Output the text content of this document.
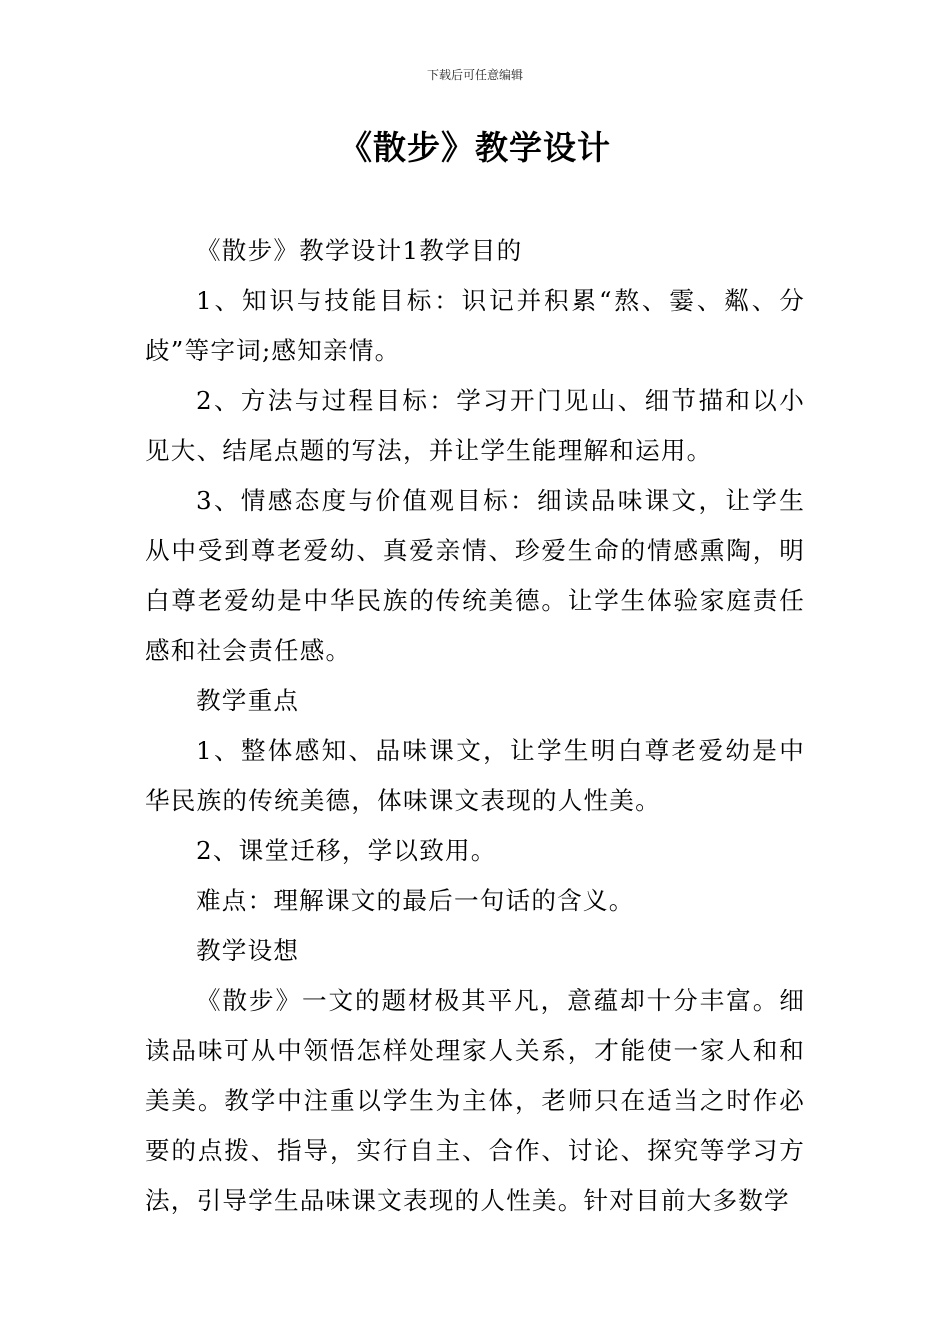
下载后可任意编辑
《散步》教学设计

《散步》教学设计1教学目的

1、知识与技能目标：识记并积累“熬、霎、粼、分歧”等字词;感知亲情。

2、方法与过程目标：学习开门见山、细节描和以小见大、结尾点题的写法，并让学生能理解和运用。

3、情感态度与价值观目标：细读品味课文，让学生从中受到尊老爱幼、真爱亲情、珍爱生命的情感熏陶，明白尊老爱幼是中华民族的传统美德。让学生体验家庭责任感和社会责任感。

教学重点

1、整体感知、品味课文，让学生明白尊老爱幼是中华民族的传统美德，体味课文表现的人性美。

2、课堂迁移，学以致用。

难点：理解课文的最后一句话的含义。

教学设想

《散步》一文的题材极其平凡，意蕴却十分丰富。细读品味可从中领悟怎样处理家人关系，才能使一家人和和美美。教学中注重以学生为主体，老师只在适当之时作必要的点拨、指导，实行自主、合作、讨论、探究等学习方法，引导学生品味课文表现的人性美。针对目前大多数学
